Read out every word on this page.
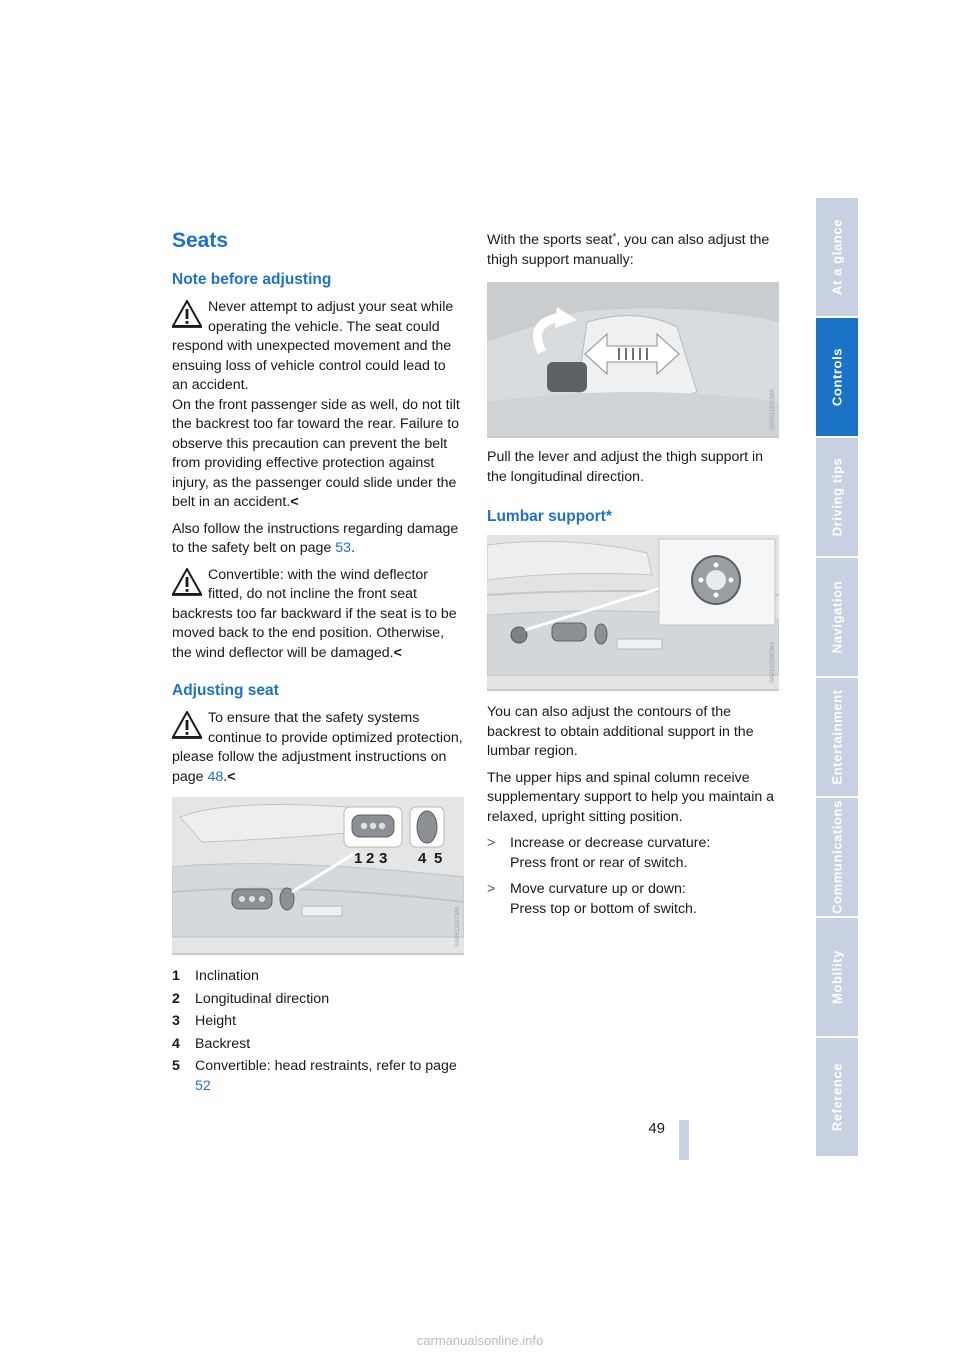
Seats
Note before adjusting

Never attempt to adjust your seat while operating the vehicle. The seat could respond with unexpected movement and the ensuing loss of vehicle control could lead to an accident.
On the front passenger side as well, do not tilt the backrest too far toward the rear. Failure to observe this precaution can prevent the belt from providing effective protection against injury, as the passenger could slide under the belt in an accident.<

Also follow the instructions regarding damage to the safety belt on page 53.

Convertible: with the wind deflector fitted, do not incline the front seat backrests too far backward if the seat is to be moved back to the end position. Otherwise, the wind deflector will be damaged.<

Adjusting seat

To ensure that the safety systems continue to provide optimized protection, please follow the adjustment instructions on page 48.<

1 2 3 4 5
SA051102CMA
1	Inclination
2	Longitudinal direction
3	Height
4	Backrest
5	Convertible: head restraints, refer to page 52

With the sports seat*, you can also adjust the thigh support manually:

SA051120CMA

Pull the lever and adjust the thigh support in the longitudinal direction.

Lumbar support*
SA051098CMA

You can also adjust the contours of the backrest to obtain additional support in the lumbar region.

The upper hips and spinal column receive supplementary support to help you maintain a relaxed, upright sitting position.

>	Increase or decrease curvature:
Press front or rear of switch.
>	Move curvature up or down:
Press top or bottom of switch.
At a glance
Controls
Driving tips
Navigation
Entertainment
Communications
Mobility
Reference
49
carmanualsonline.info
